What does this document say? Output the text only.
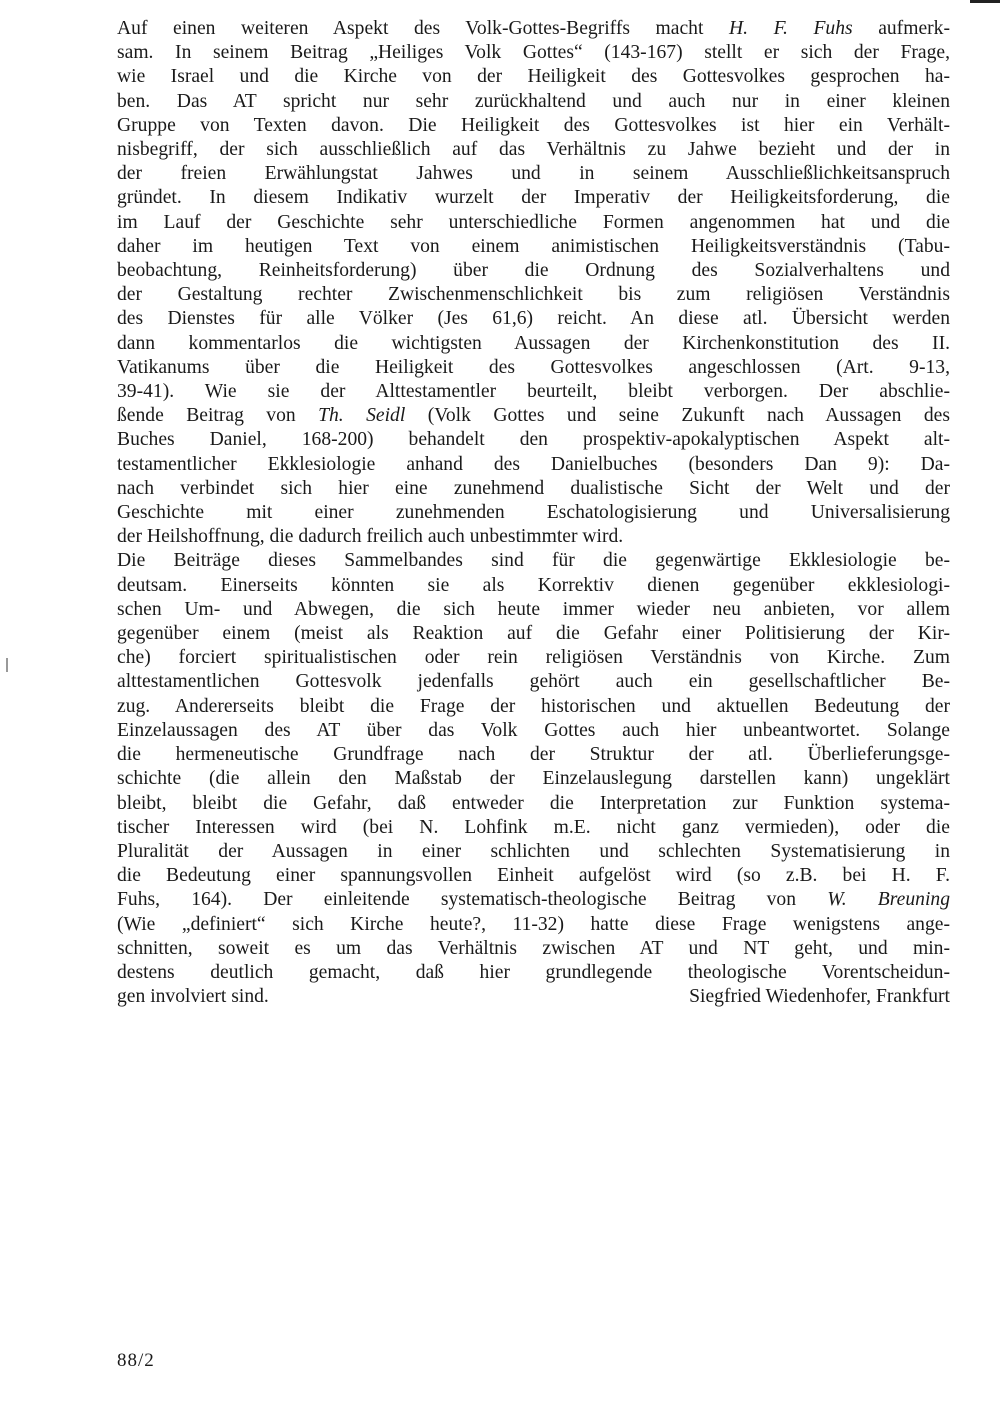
Auf einen weiteren Aspekt des Volk-Gottes-Begriffs macht H. F. Fuhs aufmerk-
sam. In seinem Beitrag „Heiliges Volk Gottes“ (143-167) stellt er sich der Frage,
wie Israel und die Kirche von der Heiligkeit des Gottesvolkes gesprochen ha-
ben. Das AT spricht nur sehr zurückhaltend und auch nur in einer kleinen
Gruppe von Texten davon. Die Heiligkeit des Gottesvolkes ist hier ein Verhält-
nisbegriff, der sich ausschließlich auf das Verhältnis zu Jahwe bezieht und der in
der freien Erwählungstat Jahwes und in seinem Ausschließlichkeitsanspruch
gründet. In diesem Indikativ wurzelt der Imperativ der Heiligkeitsforderung, die
im Lauf der Geschichte sehr unterschiedliche Formen angenommen hat und die
daher im heutigen Text von einem animistischen Heiligkeitsverständnis (Tabu-
beobachtung, Reinheitsforderung) über die Ordnung des Sozialverhaltens und
der Gestaltung rechter Zwischenmenschlichkeit bis zum religiösen Verständnis
des Dienstes für alle Völker (Jes 61,6) reicht. An diese atl. Übersicht werden
dann kommentarlos die wichtigsten Aussagen der Kirchenkonstitution des II.
Vatikanums über die Heiligkeit des Gottesvolkes angeschlossen (Art. 9-13,
39-41). Wie sie der Alttestamentler beurteilt, bleibt verborgen. Der abschlie-
ßende Beitrag von Th. Seidl (Volk Gottes und seine Zukunft nach Aussagen des
Buches Daniel, 168-200) behandelt den prospektiv-apokalyptischen Aspekt alt-
testamentlicher Ekklesiologie anhand des Danielbuches (besonders Dan 9): Da-
nach verbindet sich hier eine zunehmend dualistische Sicht der Welt und der
Geschichte mit einer zunehmenden Eschatologisierung und Universalisierung
der Heilshoffnung, die dadurch freilich auch unbestimmter wird.

Die Beiträge dieses Sammelbandes sind für die gegenwärtige Ekklesiologie be-
deutsam. Einerseits könnten sie als Korrektiv dienen gegenüber ekklesiologi-
schen Um- und Abwegen, die sich heute immer wieder neu anbieten, vor allem
gegenüber einem (meist als Reaktion auf die Gefahr einer Politisierung der Kir-
che) forciert spiritualistischen oder rein religiösen Verständnis von Kirche. Zum
alttestamentlichen Gottesvolk jedenfalls gehört auch ein gesellschaftlicher Be-
zug. Andererseits bleibt die Frage der historischen und aktuellen Bedeutung der
Einzelaussagen des AT über das Volk Gottes auch hier unbeantwortet. Solange
die hermeneutische Grundfrage nach der Struktur der atl. Überlieferungsge-
schichte (die allein den Maßstab der Einzelauslegung darstellen kann) ungeklärt
bleibt, bleibt die Gefahr, daß entweder die Interpretation zur Funktion systema-
tischer Interessen wird (bei N. Lohfink m.E. nicht ganz vermieden), oder die
Pluralität der Aussagen in einer schlichten und schlechten Systematisierung in
die Bedeutung einer spannungsvollen Einheit aufgelöst wird (so z.B. bei H. F.
Fuhs, 164). Der einleitende systematisch-theologische Beitrag von W. Breuning
(Wie „definiert“ sich Kirche heute?, 11-32) hatte diese Frage wenigstens ange-
schnitten, soweit es um das Verhältnis zwischen AT und NT geht, und min-
destens deutlich gemacht, daß hier grundlegende theologische Vorentscheidun-
gen involviert sind.	Siegfried Wiedenhofer, Frankfurt

88/2
